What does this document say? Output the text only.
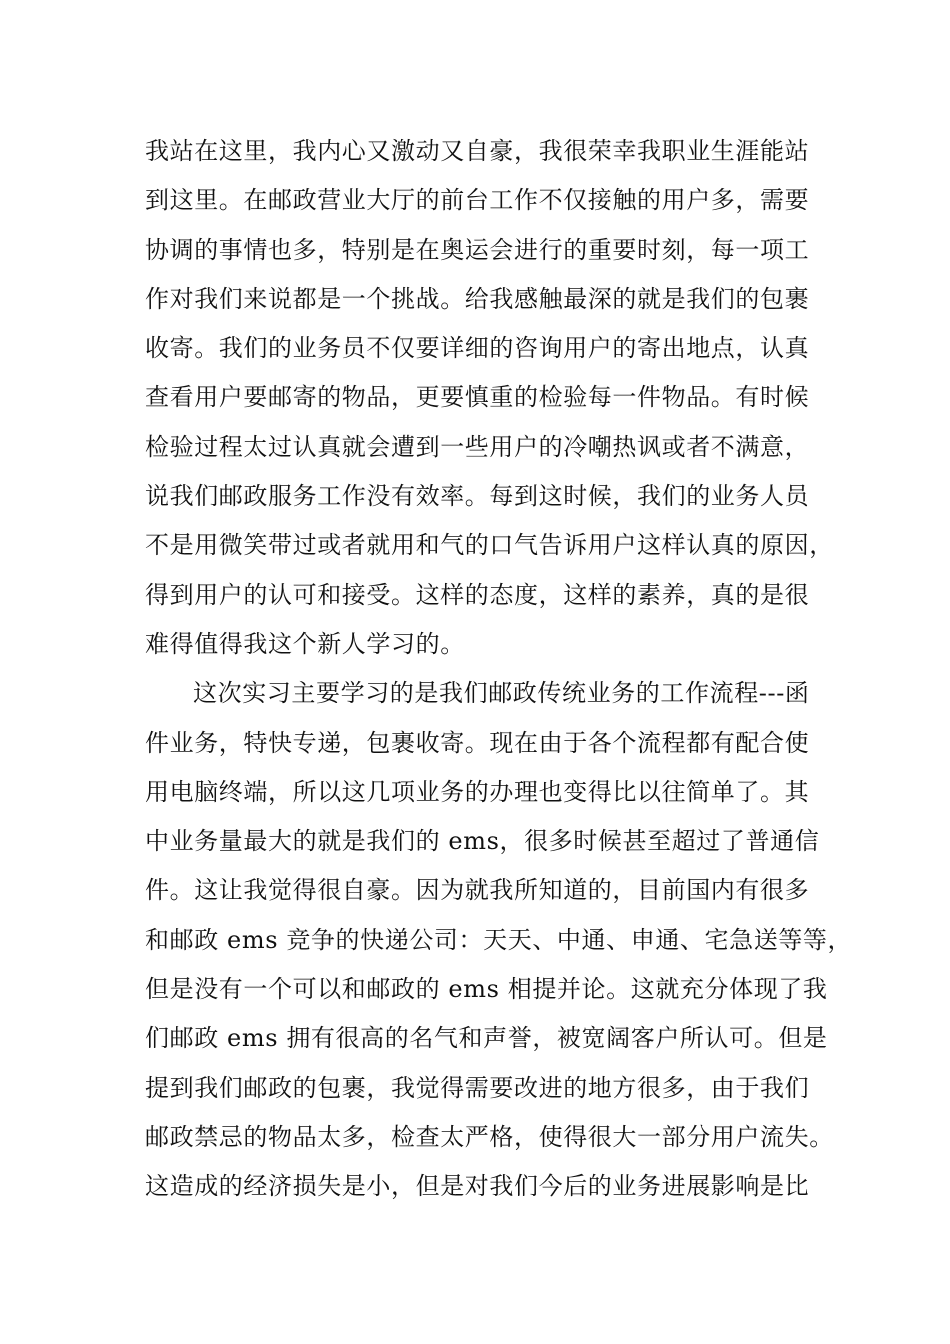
我站在这里，我内心又激动又自豪，我很荣幸我职业生涯能站
到这里。在邮政营业大厅的前台工作不仅接触的用户多，需要
协调的事情也多，特别是在奥运会进行的重要时刻，每一项工
作对我们来说都是一个挑战。给我感触最深的就是我们的包裹
收寄。我们的业务员不仅要详细的咨询用户的寄出地点，认真
查看用户要邮寄的物品，更要慎重的检验每一件物品。有时候
检验过程太过认真就会遭到一些用户的冷嘲热讽或者不满意，
说我们邮政服务工作没有效率。每到这时候，我们的业务人员
不是用微笑带过或者就用和气的口气告诉用户这样认真的原因，
得到用户的认可和接受。这样的态度，这样的素养，真的是很
难得值得我这个新人学习的。
这次实习主要学习的是我们邮政传统业务的工作流程---函
件业务，特快专递，包裹收寄。现在由于各个流程都有配合使
用电脑终端，所以这几项业务的办理也变得比以往简单了。其
中业务量最大的就是我们的 ems，很多时候甚至超过了普通信
件。这让我觉得很自豪。因为就我所知道的，目前国内有很多
和邮政 ems 竞争的快递公司：天天、中通、申通、宅急送等等，
但是没有一个可以和邮政的 ems 相提并论。这就充分体现了我
们邮政 ems 拥有很高的名气和声誉，被宽阔客户所认可。但是
提到我们邮政的包裹，我觉得需要改进的地方很多，由于我们
邮政禁忌的物品太多，检查太严格，使得很大一部分用户流失。
这造成的经济损失是小，但是对我们今后的业务进展影响是比
